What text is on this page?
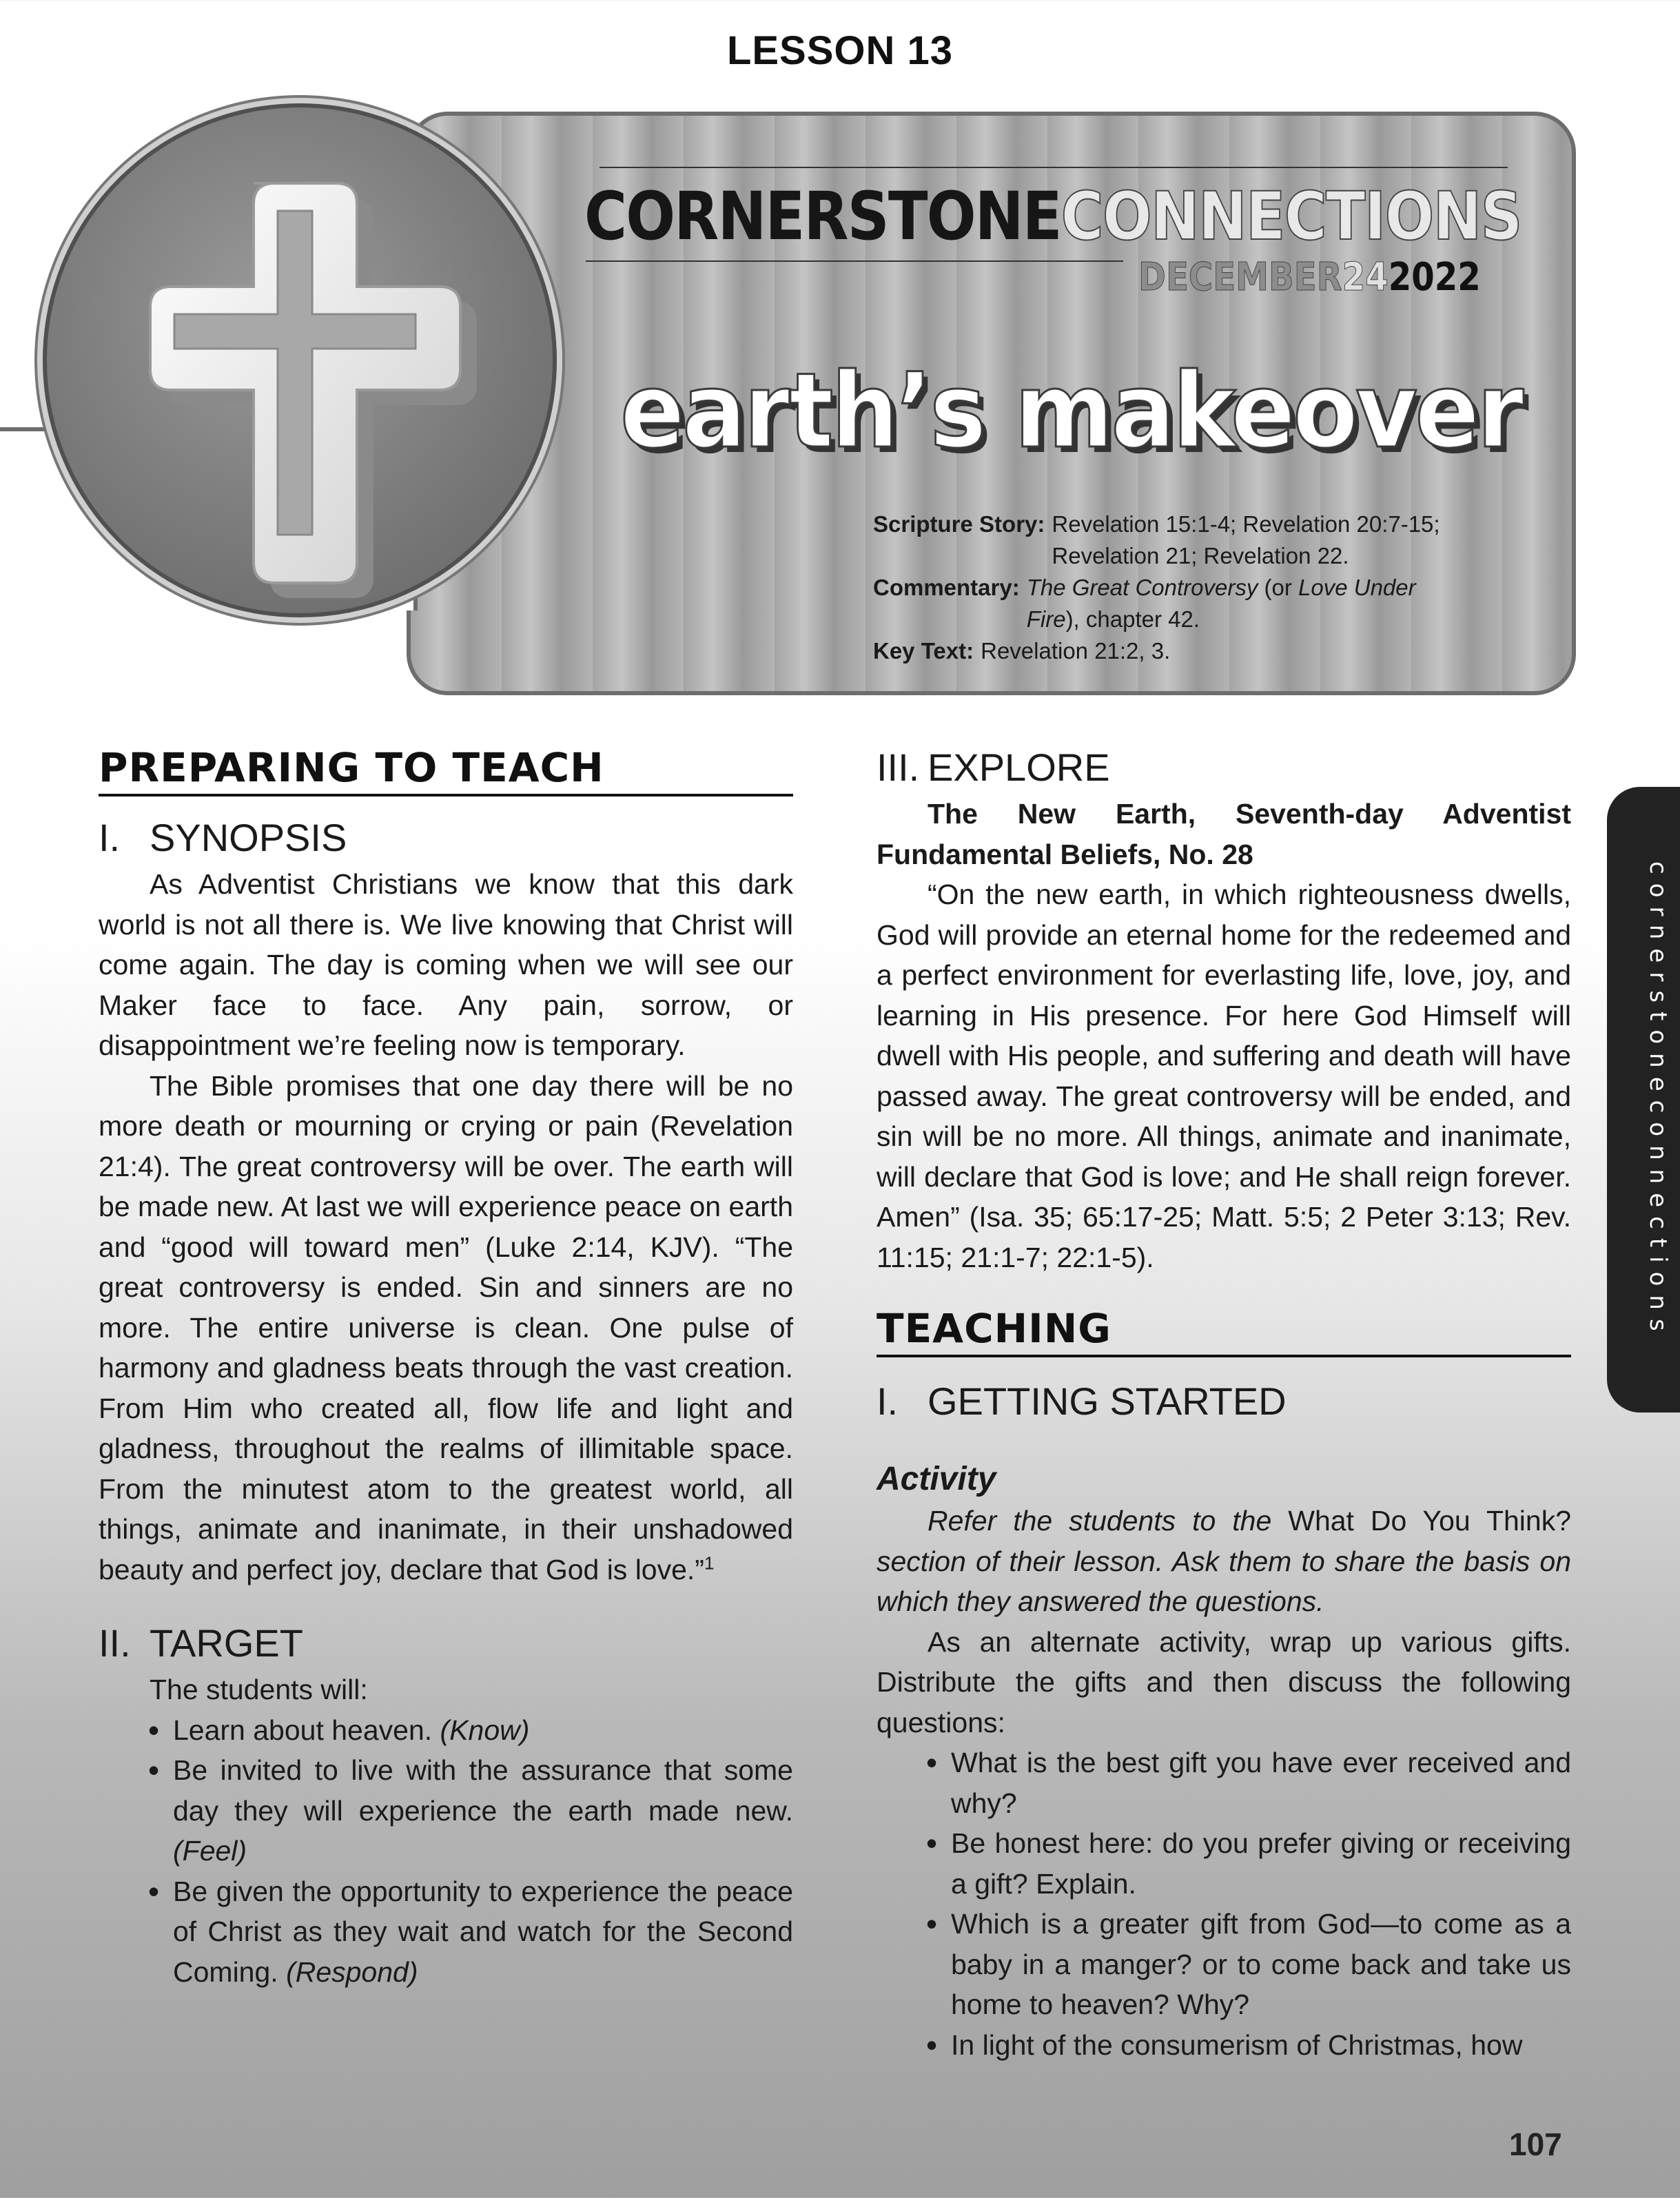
LESSON 13
CORNERSTONECONNECTIONS
DECEMBER242022
earth’s makeover
Scripture Story: Revelation 15:1-4; Revelation 20:7-15; Revelation 21; Revelation 22.
Commentary: The Great Controversy (or Love Under Fire), chapter 42.
Key Text: Revelation 21:2, 3.
PREPARING TO TEACH
I. SYNOPSIS

As Adventist Christians we know that this dark world is not all there is. We live knowing that Christ will come again. The day is coming when we will see our Maker face to face. Any pain, sorrow, or disappointment we’re feeling now is temporary.

The Bible promises that one day there will be no more death or mourning or crying or pain (Revelation 21:4). The great controversy will be over. The earth will be made new. At last we will experience peace on earth and “good will toward men” (Luke 2:14, KJV). “The great controversy is ended. Sin and sinners are no more. The entire universe is clean. One pulse of harmony and gladness beats through the vast creation. From Him who created all, flow life and light and gladness, throughout the realms of illimitable space. From the minutest atom to the greatest world, all things, animate and inanimate, in their unshadowed beauty and perfect joy, declare that God is love.”$^1$

II. TARGET

The students will:

• Learn about heaven. (Know)
• Be invited to live with the assurance that some day they will experience the earth made new. (Feel)
• Be given the opportunity to experience the peace of Christ as they wait and watch for the Second Coming. (Respond)
III. EXPLORE

The New Earth, Seventh-day Adventist Fundamental Beliefs, No. 28

“On the new earth, in which righteousness dwells, God will provide an eternal home for the redeemed and a perfect environment for everlasting life, love, joy, and learning in His presence. For here God Himself will dwell with His people, and suffering and death will have passed away. The great controversy will be ended, and sin will be no more. All things, animate and inanimate, will declare that God is love; and He shall reign forever. Amen” (Isa. 35; 65:17-25; Matt. 5:5; 2 Peter 3:13; Rev. 11:15; 21:1-7; 22:1-5).

TEACHING
I. GETTING STARTED
Activity

Refer the students to the What Do You Think? section of their lesson. Ask them to share the basis on which they answered the questions.

As an alternate activity, wrap up various gifts. Distribute the gifts and then discuss the following questions:

• What is the best gift you have ever received and why?
• Be honest here: do you prefer giving or receiving a gift? Explain.
• Which is a greater gift from God—to come as a baby in a manger? or to come back and take us home to heaven? Why?
• In light of the consumerism of Christmas, how
cornerstoneconnections
107
